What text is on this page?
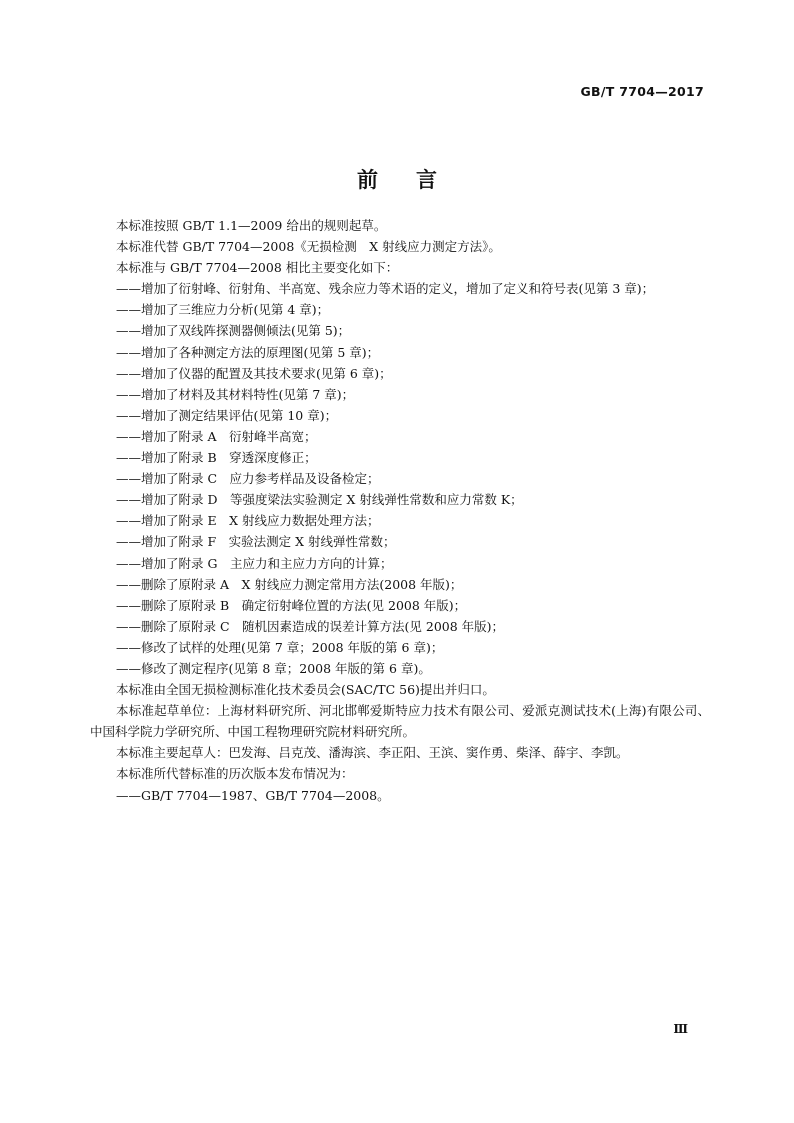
GB/T 7704—2017
前言

本标准按照 GB/T 1.1—2009 给出的规则起草。

本标准代替 GB/T 7704—2008《无损检测　X 射线应力测定方法》。

本标准与 GB/T 7704—2008 相比主要变化如下：

——增加了衍射峰、衍射角、半高宽、残余应力等术语的定义，增加了定义和符号表(见第 3 章)；

——增加了三维应力分析(见第 4 章)；

——增加了双线阵探测器侧倾法(见第 5)；

——增加了各种测定方法的原理图(见第 5 章)；

——增加了仪器的配置及其技术要求(见第 6 章)；

——增加了材料及其材料特性(见第 7 章)；

——增加了测定结果评估(见第 10 章)；

——增加了附录 A　衍射峰半高宽；

——增加了附录 B　穿透深度修正；

——增加了附录 C　应力参考样品及设备检定；

——增加了附录 D　等强度梁法实验测定 X 射线弹性常数和应力常数 K；

——增加了附录 E　X 射线应力数据处理方法；

——增加了附录 F　实验法测定 X 射线弹性常数；

——增加了附录 G　主应力和主应力方向的计算；

——删除了原附录 A　X 射线应力测定常用方法(2008 年版)；

——删除了原附录 B　确定衍射峰位置的方法(见 2008 年版)；

——删除了原附录 C　随机因素造成的误差计算方法(见 2008 年版)；

——修改了试样的处理(见第 7 章；2008 年版的第 6 章)；

——修改了测定程序(见第 8 章；2008 年版的第 6 章)。

本标准由全国无损检测标准化技术委员会(SAC/TC 56)提出并归口。

本标准起草单位：上海材料研究所、河北邯郸爱斯特应力技术有限公司、爱派克测试技术(上海)有限公司、中国科学院力学研究所、中国工程物理研究院材料研究所。

本标准主要起草人：巴发海、吕克茂、潘海滨、李正阳、王滨、窦作勇、柴泽、薛宇、李凯。

本标准所代替标准的历次版本发布情况为：

——GB/T 7704—1987、GB/T 7704—2008。

Ⅲ
